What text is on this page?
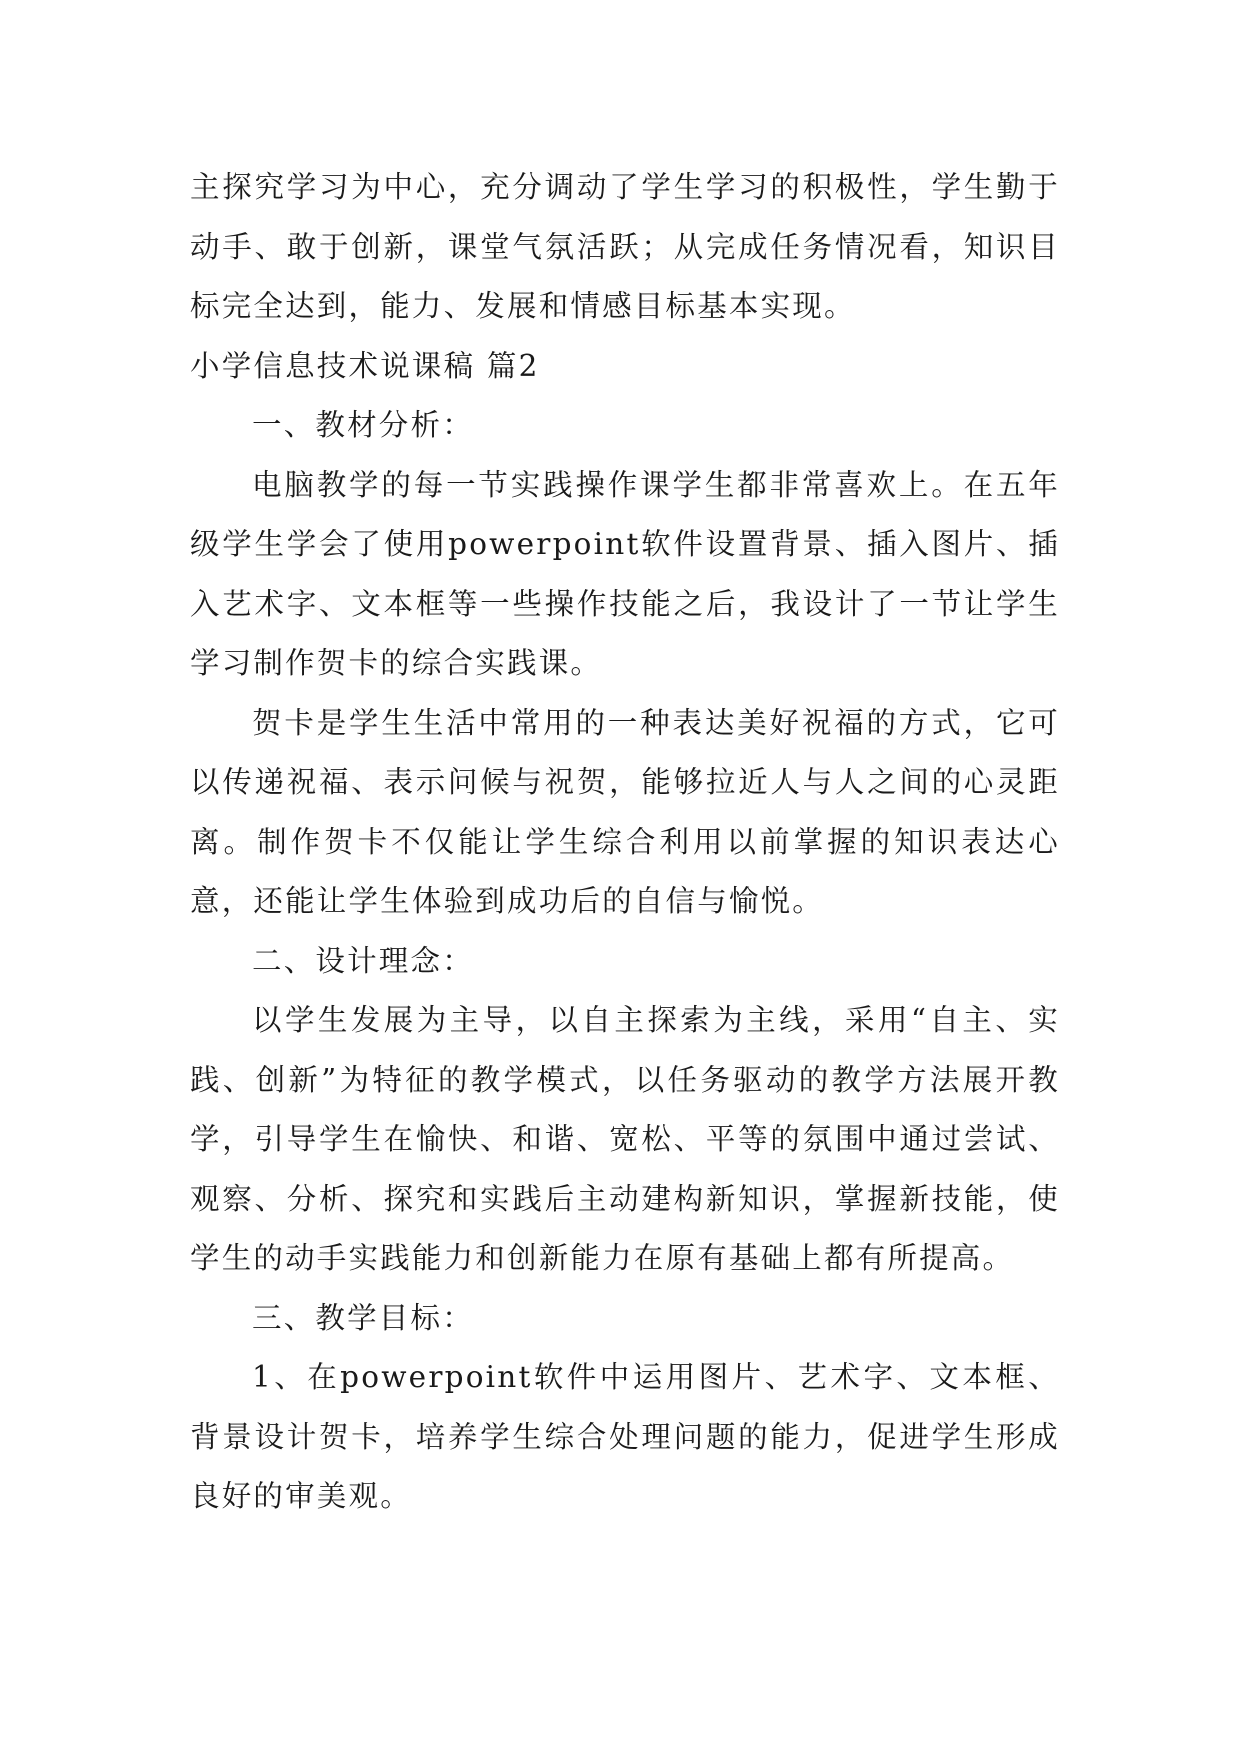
主探究学习为中心，充分调动了学生学习的积极性，学生勤于动手、敢于创新，课堂气氛活跃；从完成任务情况看，知识目标完全达到，能力、发展和情感目标基本实现。

小学信息技术说课稿 篇2

一、教材分析：

电脑教学的每一节实践操作课学生都非常喜欢上。在五年级学生学会了使用powerpoint软件设置背景、插入图片、插入艺术字、文本框等一些操作技能之后，我设计了一节让学生学习制作贺卡的综合实践课。

贺卡是学生生活中常用的一种表达美好祝福的方式，它可以传递祝福、表示问候与祝贺，能够拉近人与人之间的心灵距离。制作贺卡不仅能让学生综合利用以前掌握的知识表达心意，还能让学生体验到成功后的自信与愉悦。

二、设计理念：

以学生发展为主导，以自主探索为主线，采用“自主、实践、创新”为特征的教学模式，以任务驱动的教学方法展开教学，引导学生在愉快、和谐、宽松、平等的氛围中通过尝试、观察、分析、探究和实践后主动建构新知识，掌握新技能，使学生的动手实践能力和创新能力在原有基础上都有所提高。

三、教学目标：

1、在powerpoint软件中运用图片、艺术字、文本框、背景设计贺卡，培养学生综合处理问题的能力，促进学生形成良好的审美观。
